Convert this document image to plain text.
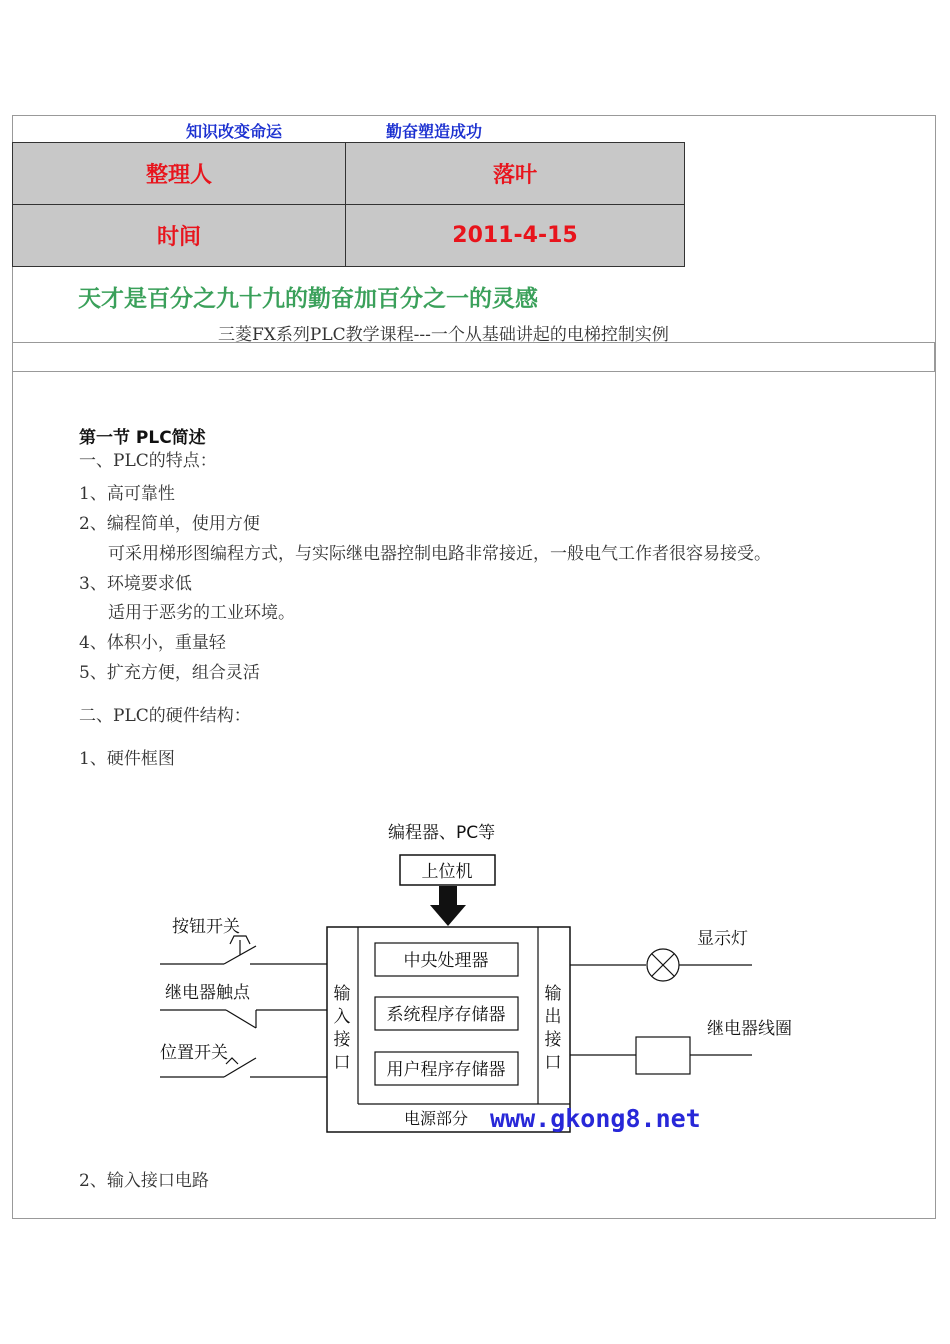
知识改变命运	勤奋塑造成功
整理人	落叶
时间	2011-4-15
天才是百分之九十九的勤奋加百分之一的灵感
三菱FX系列PLC教学课程---一个从基础讲起的电梯控制实例
第一节 PLC简述
一、PLC的特点：
1、高可靠性
2、编程简单，使用方便
可采用梯形图编程方式，与实际继电器控制电路非常接近，一般电气工作者很容易接受。
3、环境要求低
适用于恶劣的工业环境。
4、体积小，重量轻
5、扩充方便，组合灵活
二、PLC的硬件结构：
1、硬件框图
2、输入接口电路
编程器、PC等
上位机
输
入
接
口
输
出
接
口
中央处理器
系统程序存储器
用户程序存储器
电源部分 www.gkong8.net
按钮开关
继电器触点
位置开关
显示灯
继电器线圈
